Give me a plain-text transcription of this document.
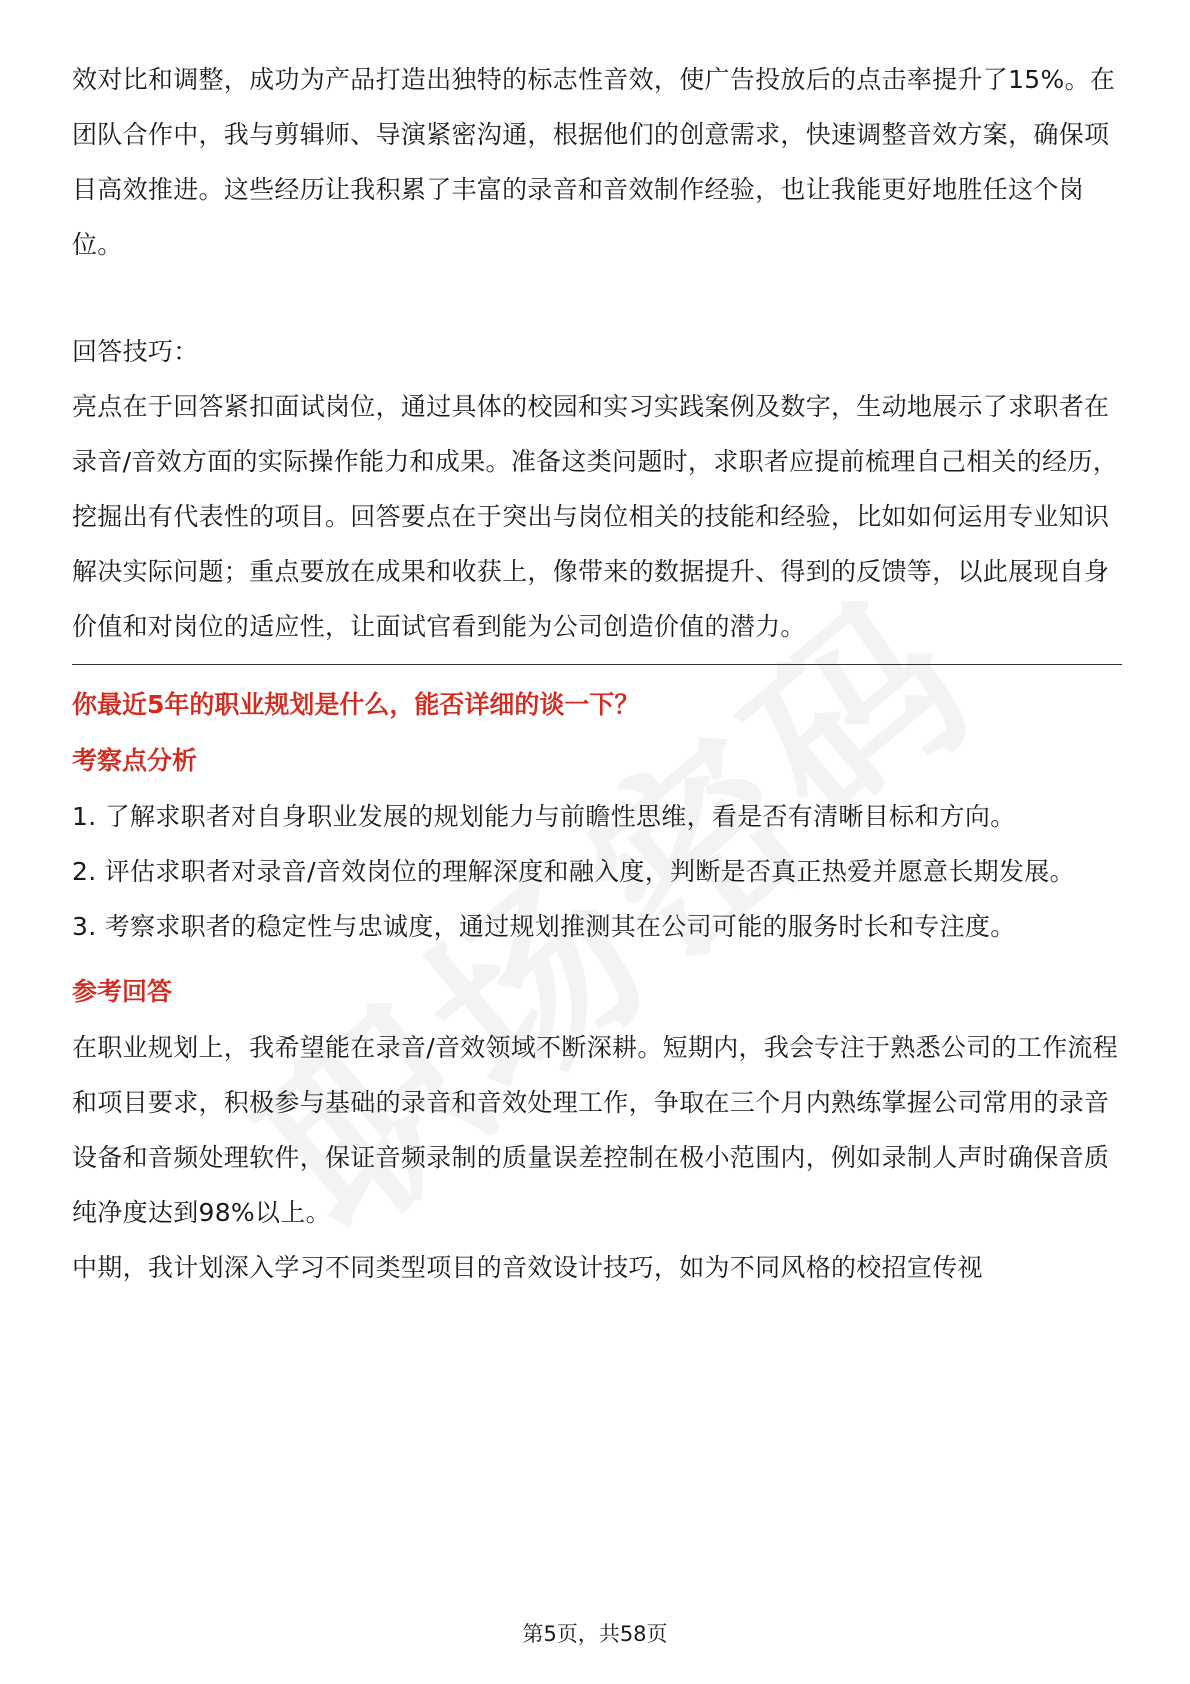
效对比和调整，成功为产品打造出独特的标志性音效，使广告投放后的点击率提升了15%。在团队合作中，我与剪辑师、导演紧密沟通，根据他们的创意需求，快速调整音效方案，确保项目高效推进。这些经历让我积累了丰富的录音和音效制作经验，也让我能更好地胜任这个岗位。

回答技巧：

亮点在于回答紧扣面试岗位，通过具体的校园和实习实践案例及数字，生动地展示了求职者在录音/音效方面的实际操作能力和成果。准备这类问题时，求职者应提前梳理自己相关的经历，挖掘出有代表性的项目。回答要点在于突出与岗位相关的技能和经验，比如如何运用专业知识解决实际问题；重点要放在成果和收获上，像带来的数据提升、得到的反馈等，以此展现自身价值和对岗位的适应性，让面试官看到能为公司创造价值的潜力。

你最近5年的职业规划是什么，能否详细的谈一下？

考察点分析

1. 了解求职者对自身职业发展的规划能力与前瞻性思维，看是否有清晰目标和方向。

2. 评估求职者对录音/音效岗位的理解深度和融入度，判断是否真正热爱并愿意长期发展。

3. 考察求职者的稳定性与忠诚度，通过规划推测其在公司可能的服务时长和专注度。

参考回答

在职业规划上，我希望能在录音/音效领域不断深耕。短期内，我会专注于熟悉公司的工作流程和项目要求，积极参与基础的录音和音效处理工作，争取在三个月内熟练掌握公司常用的录音设备和音频处理软件，保证音频录制的质量误差控制在极小范围内，例如录制人声时确保音质纯净度达到98%以上。

中期，我计划深入学习不同类型项目的音效设计技巧，如为不同风格的校招宣传视

第5页，共58页
